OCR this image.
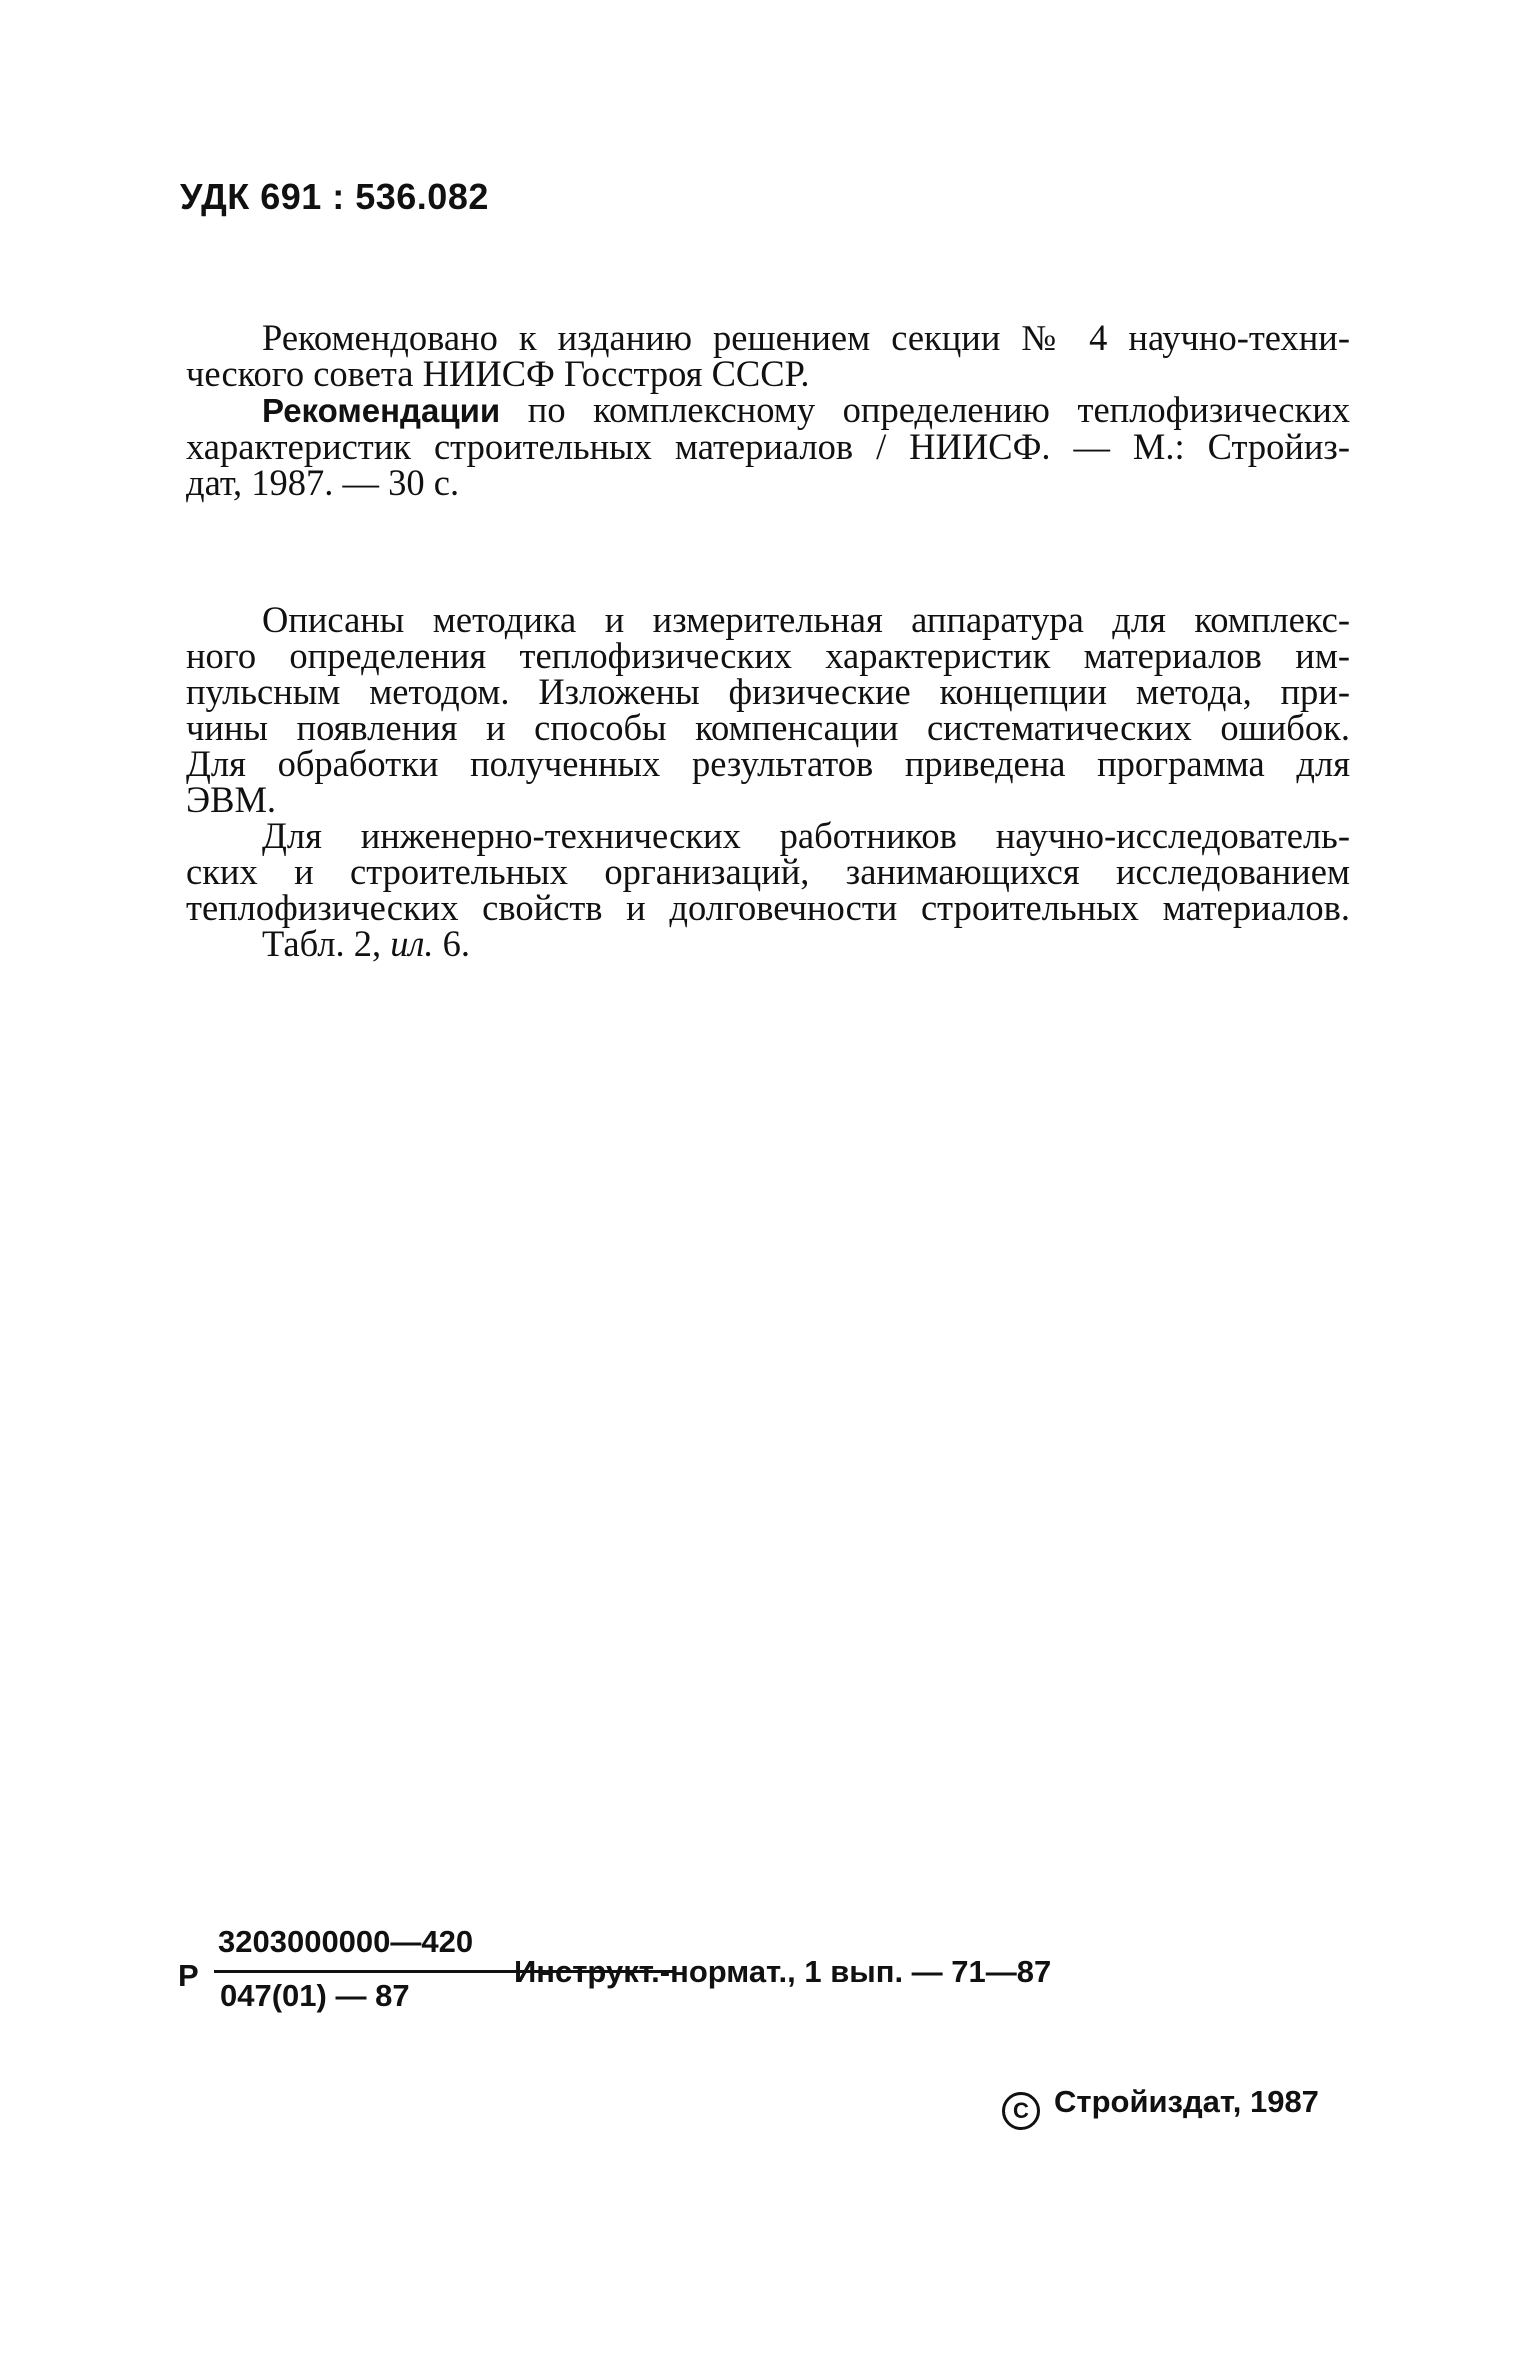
УДК 691 : 536.082
Рекомендовано к изданию решением секции № 4 научно-техни-
ческого совета НИИСФ Госстроя СССР.
Рекомендации по комплексному определению теплофизических
характеристик строительных материалов / НИИСФ. — М.: Стройиз-
дат, 1987. — 30 с.
Описаны методика и измерительная аппаратура для комплекс-
ного определения теплофизических характеристик материалов им-
пульсным методом. Изложены физические концепции метода, при-
чины появления и способы компенсации систематических ошибок.
Для обработки полученных результатов приведена программа для
ЭВМ.
Для инженерно-технических работников научно-исследователь-
ских и строительных организаций, занимающихся исследованием
теплофизических свойств и долговечности строительных материалов.
Табл. 2, ил. 6.
Р
3203000000—420
047(01) — 87
Инструкт.-нормат., 1 вып. — 71—87
C Стройиздат, 1987
